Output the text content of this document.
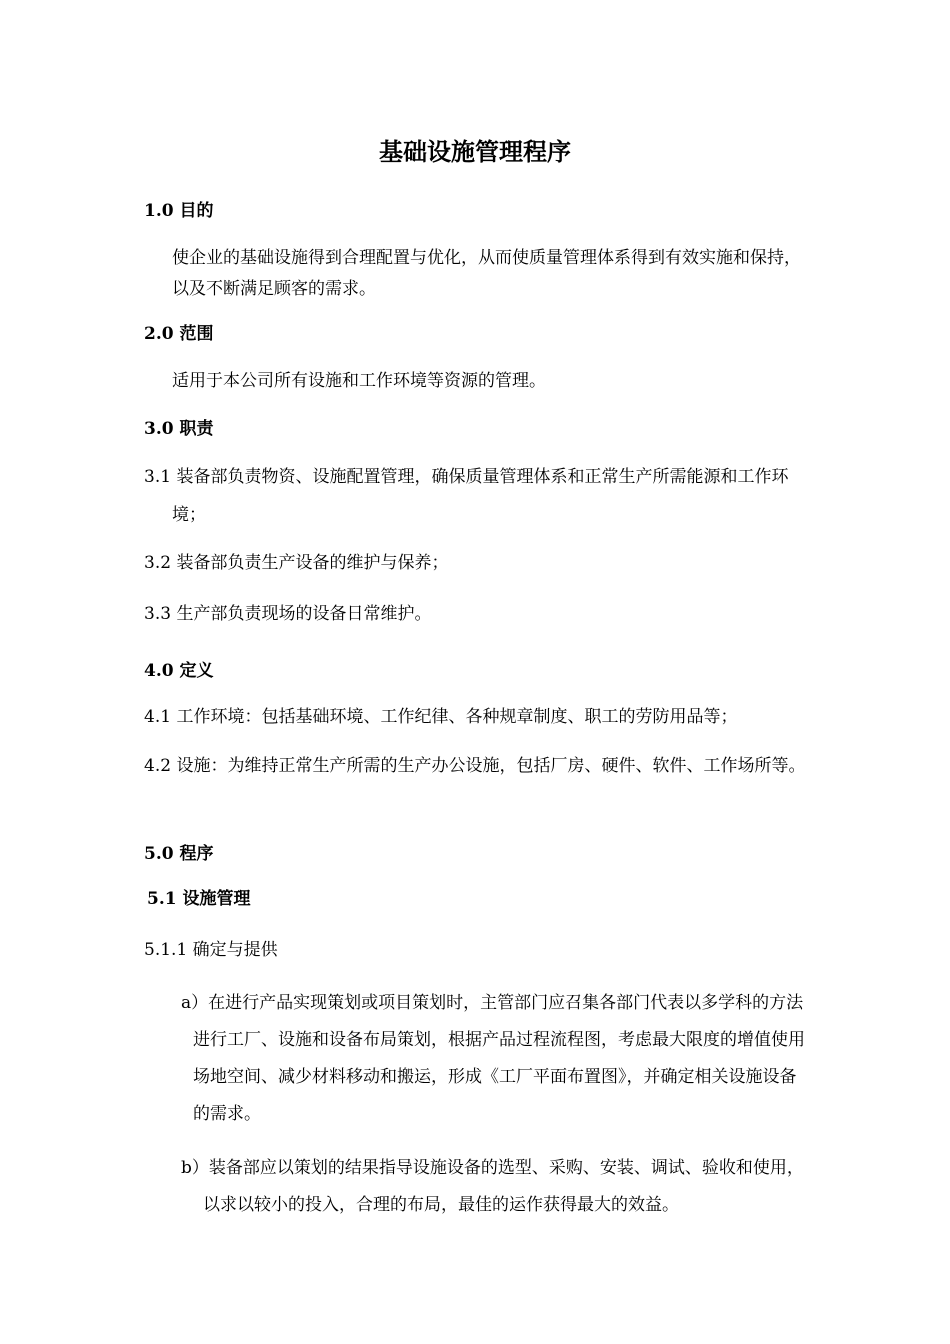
基础设施管理程序

1.0 目的

使企业的基础设施得到合理配置与优化，从而使质量管理体系得到有效实施和保持，以及不断满足顾客的需求。

2.0 范围

适用于本公司所有设施和工作环境等资源的管理。

3.0 职责

3.1 装备部负责物资、设施配置管理，确保质量管理体系和正常生产所需能源和工作环境；

3.2 装备部负责生产设备的维护与保养；

3.3 生产部负责现场的设备日常维护。

4.0 定义

4.1 工作环境：包括基础环境、工作纪律、各种规章制度、职工的劳防用品等；

4.2 设施：为维持正常生产所需的生产办公设施，包括厂房、硬件、软件、工作场所等。

5.0 程序

5.1 设施管理

5.1.1 确定与提供

a）在进行产品实现策划或项目策划时，主管部门应召集各部门代表以多学科的方法进行工厂、设施和设备布局策划，根据产品过程流程图，考虑最大限度的增值使用场地空间、减少材料移动和搬运，形成《工厂平面布置图》，并确定相关设施设备的需求。

b）装备部应以策划的结果指导设施设备的选型、采购、安装、调试、验收和使用，以求以较小的投入，合理的布局，最佳的运作获得最大的效益。
